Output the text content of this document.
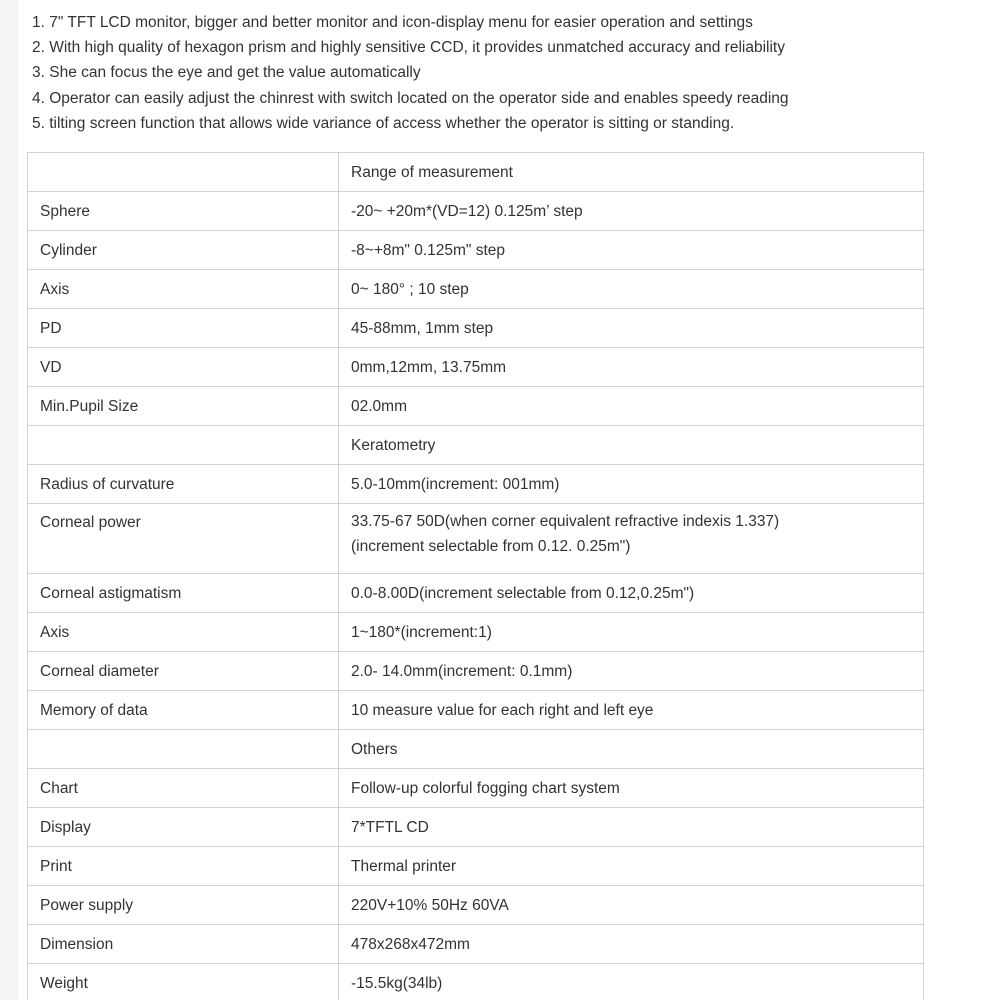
1. 7" TFT LCD monitor, bigger and better monitor and icon-display menu for easier operation and settings
2. With high quality of hexagon prism and highly sensitive CCD, it provides unmatched accuracy and reliability
3. She can focus the eye and get the value automatically
4. Operator can easily adjust the chinrest with switch located on the operator side and enables speedy reading
5. tilting screen function that allows wide variance of access whether the operator is sitting or standing.
	Range of measurement
Sphere	-20~ +20m*(VD=12) 0.125m’ step
Cylinder	-8~+8m" 0.125m" step
Axis	0~ 180° ; 10 step
PD	45-88mm, 1mm step
VD	0mm,12mm, 13.75mm
Min.Pupil Size	02.0mm
	Keratometry
Radius of curvature	5.0-10mm(increment: 001mm)
Corneal power	33.75-67 50D(when corner equivalent refractive indexis 1.337)
(increment selectable from 0.12. 0.25m")

Corneal astigmatism	0.0-8.00D(increment selectable from 0.12,0.25m")
Axis	1~180*(increment:1)
Corneal diameter	2.0- 14.0mm(increment: 0.1mm)
Memory of data	10 measure value for each right and left eye
	Others
Chart	Follow-up colorful fogging chart system
Display	7*TFTL CD
Print	Thermal printer
Power supply	220V+10% 50Hz 60VA
Dimension	478x268x472mm
Weight	-15.5kg(34lb)
